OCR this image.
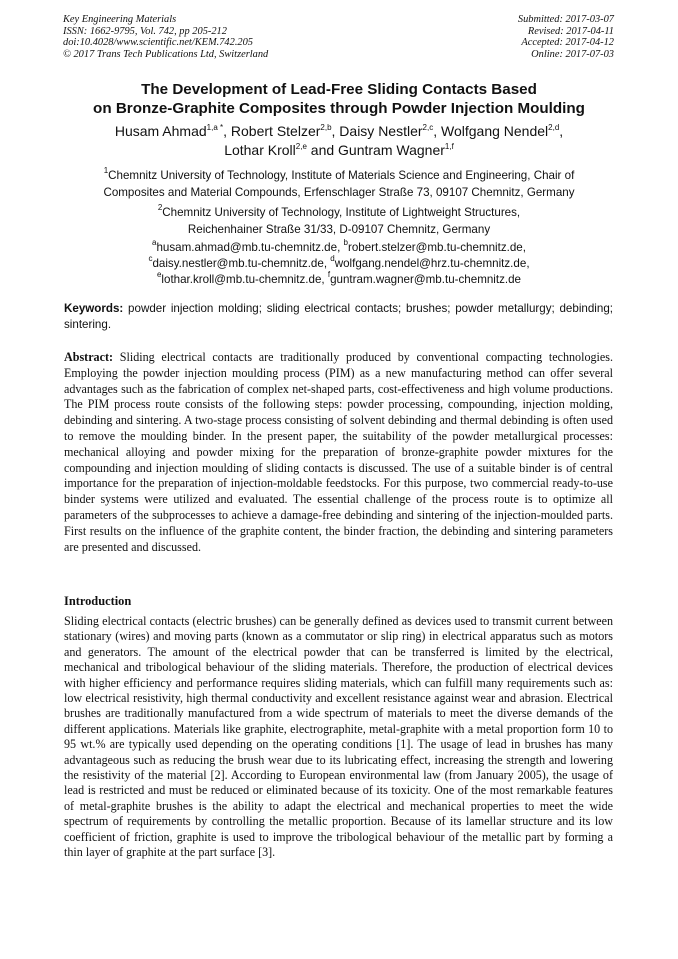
Key Engineering Materials
ISSN: 1662-9795, Vol. 742, pp 205-212
doi:10.4028/www.scientific.net/KEM.742.205
© 2017 Trans Tech Publications Ltd, Switzerland
Submitted: 2017-03-07
Revised: 2017-04-11
Accepted: 2017-04-12
Online: 2017-07-03
The Development of Lead-Free Sliding Contacts Based
on Bronze-Graphite Composites through Powder Injection Moulding
Husam Ahmad$^{1,a *}$, Robert Stelzer$^{2,b}$, Daisy Nestler$^{2,c}$, Wolfgang Nendel$^{2,d}$,
Lothar Kroll$^{2,e}$ and Guntram Wagner$^{1,f}$
$^1$Chemnitz University of Technology, Institute of Materials Science and Engineering, Chair of
Composites and Material Compounds, Erfenschlager Straße 73, 09107 Chemnitz, Germany
$^2$Chemnitz University of Technology, Institute of Lightweight Structures,
Reichenhainer Straße 31/33, D-09107 Chemnitz, Germany
$^a$husam.ahmad@mb.tu-chemnitz.de, $^b$robert.stelzer@mb.tu-chemnitz.de,
$^c$daisy.nestler@mb.tu-chemnitz.de, $^d$wolfgang.nendel@hrz.tu-chemnitz.de,
$^e$lothar.kroll@mb.tu-chemnitz.de, $^f$guntram.wagner@mb.tu-chemnitz.de
Keywords: powder injection molding; sliding electrical contacts; brushes; powder metallurgy; debinding; sintering.
Abstract: Sliding electrical contacts are traditionally produced by conventional compacting technologies. Employing the powder injection moulding process (PIM) as a new manufacturing method can offer several advantages such as the fabrication of complex net-shaped parts, cost-effectiveness and high volume productions. The PIM process route consists of the following steps: powder processing, compounding, injection molding, debinding and sintering. A two-stage process consisting of solvent debinding and thermal debinding is often used to remove the moulding binder. In the present paper, the suitability of the powder metallurgical processes: mechanical alloying and powder mixing for the preparation of bronze-graphite powder mixtures for the compounding and injection moulding of sliding contacts is discussed. The use of a suitable binder is of central importance for the preparation of injection-moldable feedstocks. For this purpose, two commercial ready-to-use binder systems were utilized and evaluated. The essential challenge of the process route is to optimize all parameters of the subprocesses to achieve a damage-free debinding and sintering of the injection-moulded parts. First results on the influence of the graphite content, the binder fraction, the debinding and sintering parameters are presented and discussed.
Introduction
Sliding electrical contacts (electric brushes) can be generally defined as devices used to transmit current between stationary (wires) and moving parts (known as a commutator or slip ring) in electrical apparatus such as motors and generators. The amount of the electrical powder that can be transferred is limited by the electrical, mechanical and tribological behaviour of the sliding materials. Therefore, the production of electrical devices with higher efficiency and performance requires sliding materials, which can fulfill many requirements such as: low electrical resistivity, high thermal conductivity and excellent resistance against wear and abrasion. Electrical brushes are traditionally manufactured from a wide spectrum of materials to meet the diverse demands of the different applications. Materials like graphite, electrographite, metal-graphite with a metal proportion form 10 to 95 wt.% are typically used depending on the operating conditions [1]. The usage of lead in brushes has many advantageous such as reducing the brush wear due to its lubricating effect, increasing the strength and lowering the resistivity of the material [2]. According to European environmental law (from January 2005), the usage of lead is restricted and must be reduced or eliminated because of its toxicity. One of the most remarkable features of metal-graphite brushes is the ability to adapt the electrical and mechanical properties to meet the wide spectrum of requirements by controlling the metallic proportion. Because of its lamellar structure and its low coefficient of friction, graphite is used to improve the tribological behaviour of the metallic part by forming a thin layer of graphite at the part surface [3].
